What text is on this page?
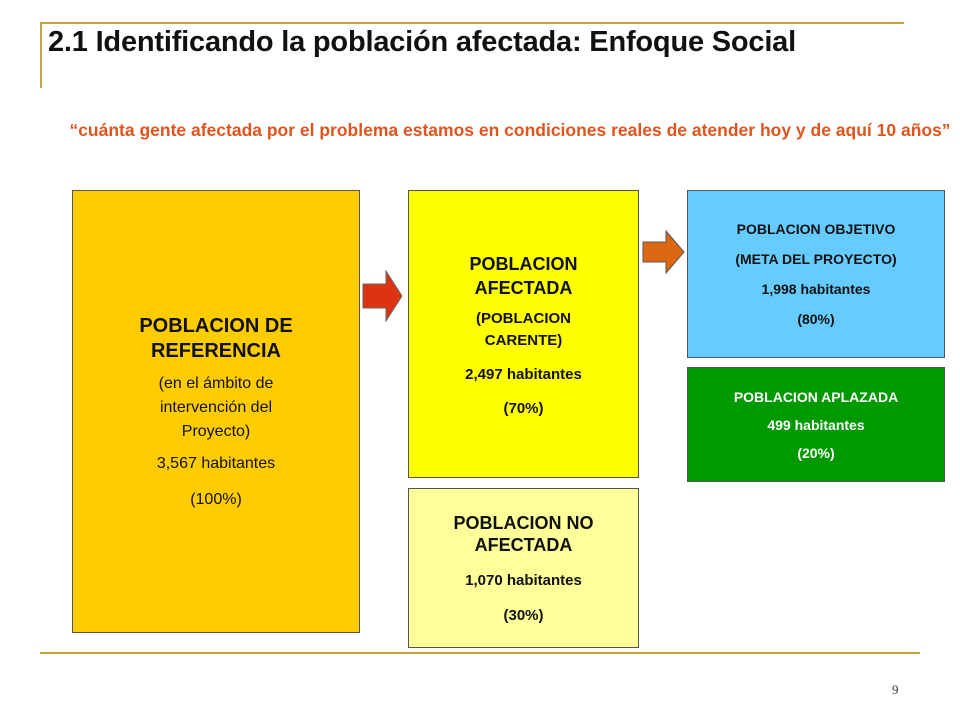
2.1 Identificando la población afectada: Enfoque Social
“cuánta gente afectada por el problema estamos en condiciones reales de atender hoy y de aquí 10 años”

POBLACION DE REFERENCIA

(en el ámbito de intervención del Proyecto)

3,567 habitantes

(100%)

POBLACION AFECTADA

(POBLACION CARENTE)

2,497 habitantes

(70%)

POBLACION NO AFECTADA

1,070 habitantes

(30%)

POBLACION OBJETIVO

(META DEL PROYECTO)

1,998 habitantes

(80%)

POBLACION APLAZADA

499 habitantes

(20%)

9
